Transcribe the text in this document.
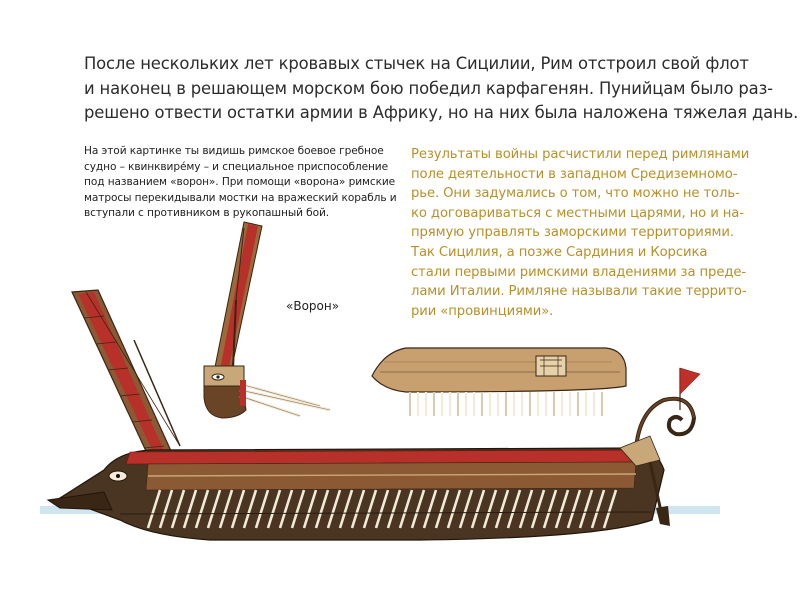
После нескольких лет кровавых стычек на Сицилии, Рим отстроил свой флот
и наконец в решающем морском бою победил карфагенян. Пунийцам было раз-
решено отвести остатки армии в Африку, но на них была наложена тяжелая дань.

На этой картинке ты видишь римское боевое гребное
судно – квинквире́му – и специальное приспособление
под названием «ворон». При помощи «ворона» римские
матросы перекидывали мостки на вражеский корабль и
вступали с противником в рукопашный бой.

Результаты войны расчистили перед римлянами
поле деятельности в западном Средиземномо-
рье. Они задумались о том, что можно не толь-
ко договариваться с местными царями, но и на-
прямую управлять заморскими территориями.
Так Сицилия, а позже Сардиния и Корсика
стали первыми римскими владениями за преде-
лами Италии. Римляне называли такие террито-
рии «провинциями».

«Ворон»
